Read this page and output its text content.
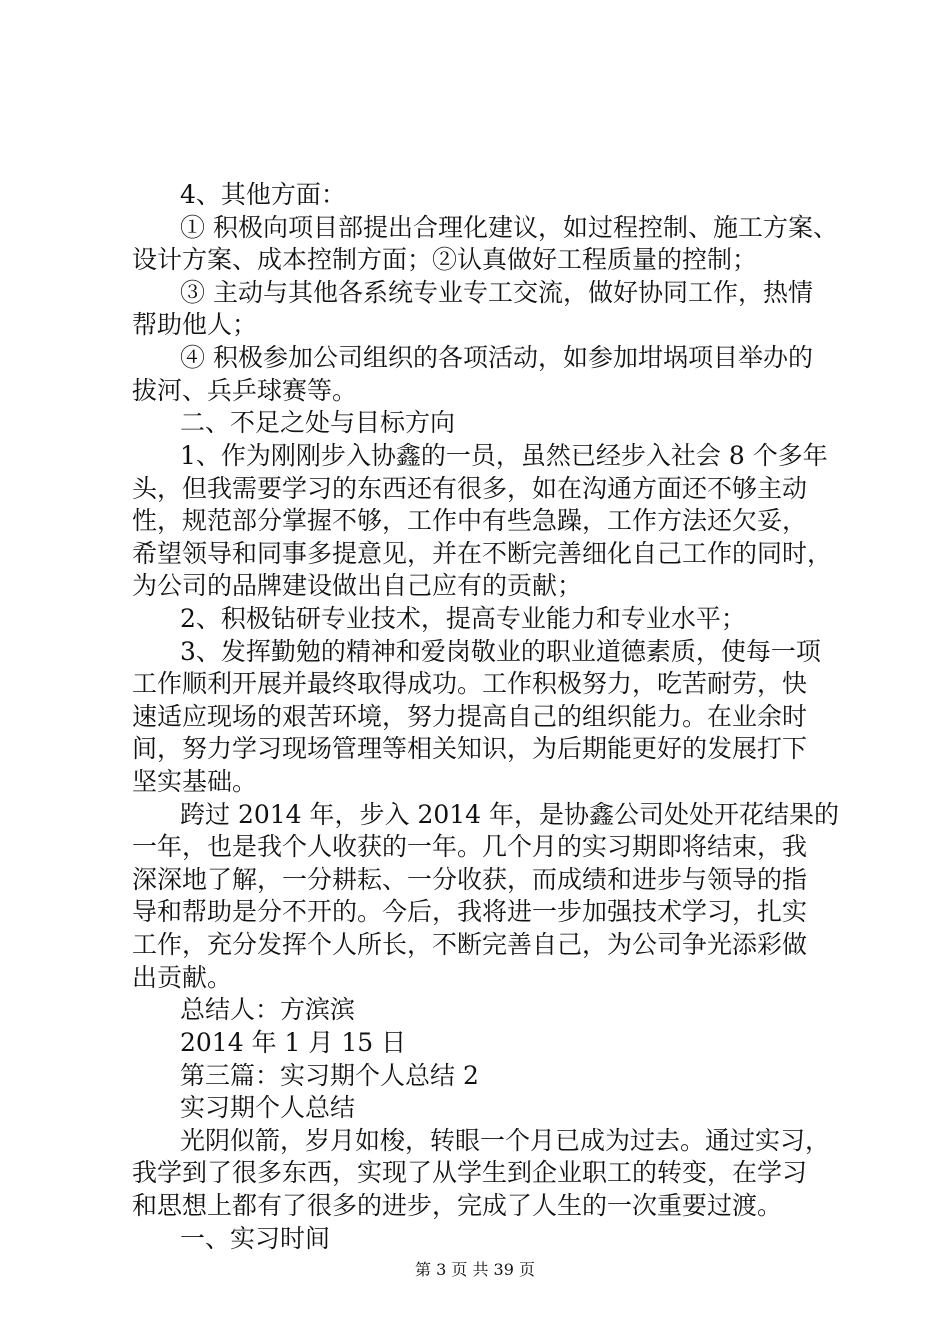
4、其他方面：

① 积极向项目部提出合理化建议，如过程控制、施工方案、

设计方案、成本控制方面；②认真做好工程质量的控制；

③ 主动与其他各系统专业专工交流，做好协同工作，热情

帮助他人；

④ 积极参加公司组织的各项活动，如参加坩埚项目举办的

拔河、兵乒球赛等。

二、不足之处与目标方向

1、作为刚刚步入协鑫的一员，虽然已经步入社会 8 个多年

头，但我需要学习的东西还有很多，如在沟通方面还不够主动

性，规范部分掌握不够，工作中有些急躁，工作方法还欠妥，

希望领导和同事多提意见，并在不断完善细化自己工作的同时，

为公司的品牌建设做出自己应有的贡献；

2、积极钻研专业技术，提高专业能力和专业水平；

3、发挥勤勉的精神和爱岗敬业的职业道德素质，使每一项

工作顺利开展并最终取得成功。工作积极努力，吃苦耐劳，快

速适应现场的艰苦环境，努力提高自己的组织能力。在业余时

间，努力学习现场管理等相关知识，为后期能更好的发展打下

坚实基础。

跨过 2014 年，步入 2014 年，是协鑫公司处处开花结果的

一年，也是我个人收获的一年。几个月的实习期即将结束，我

深深地了解，一分耕耘、一分收获，而成绩和进步与领导的指

导和帮助是分不开的。今后，我将进一步加强技术学习，扎实

工作，充分发挥个人所长，不断完善自己，为公司争光添彩做

出贡献。

总结人：方滨滨

2014 年 1 月 15 日

第三篇：实习期个人总结 2

实习期个人总结

光阴似箭，岁月如梭，转眼一个月已成为过去。通过实习，

我学到了很多东西，实现了从学生到企业职工的转变，在学习

和思想上都有了很多的进步，完成了人生的一次重要过渡。

一、实习时间

第 3 页 共 39 页
